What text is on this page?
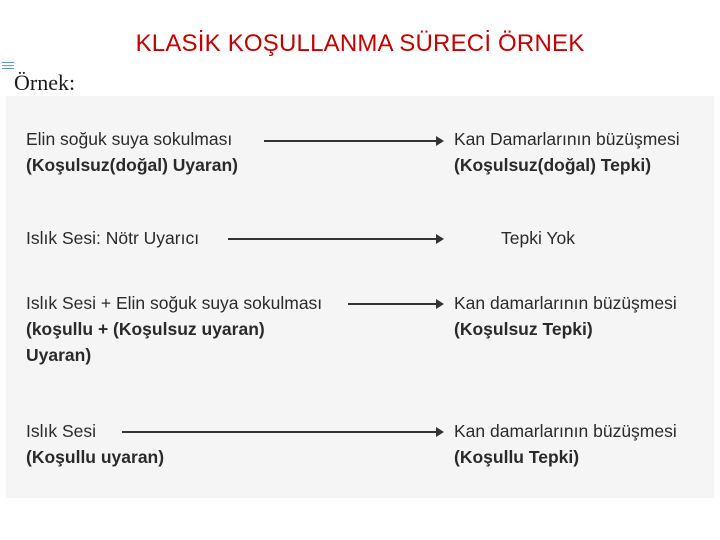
KLASİK KOŞULLANMA SÜRECİ ÖRNEK
Örnek:
Elin soğuk suya sokulması
(Koşulsuz(doğal) Uyaran)
Kan Damarlarının büzüşmesi
(Koşulsuz(doğal) Tepki)
Islık Sesi: Nötr Uyarıcı	Tepki Yok
Islık Sesi + Elin soğuk suya sokulması
(koşullu + (Koşulsuz uyaran)
Uyaran)
Kan damarlarının büzüşmesi
(Koşulsuz Tepki)
Islık Sesi
(Koşullu uyaran)
Kan damarlarının büzüşmesi
(Koşullu Tepki)
